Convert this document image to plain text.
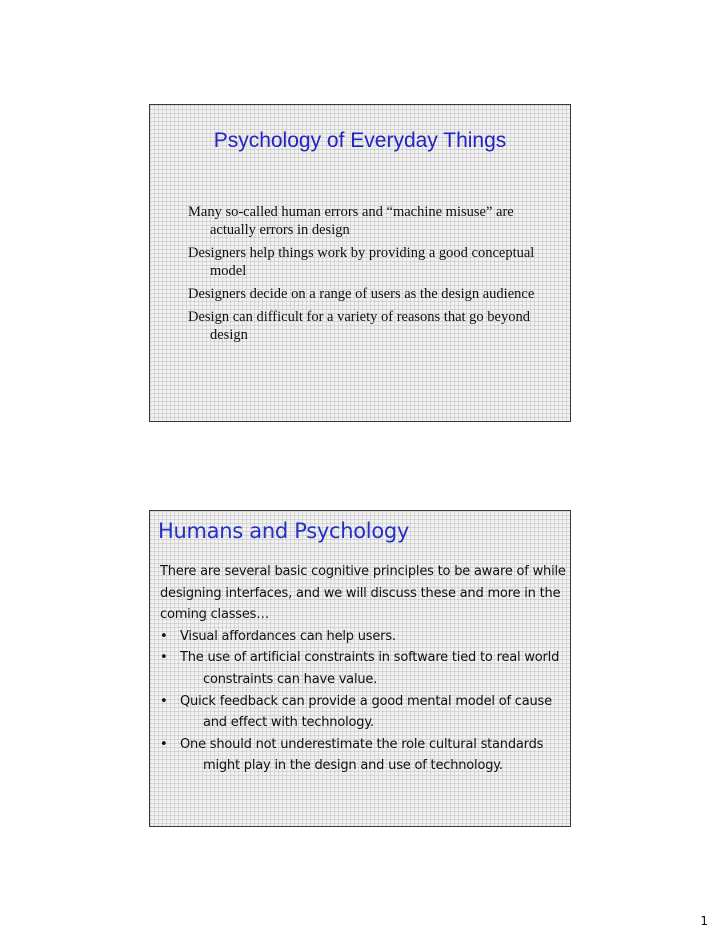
Psychology of Everyday Things
Many so-called human errors and “machine misuse” are actually errors in design
Designers help things work by providing a good conceptual model
Designers decide on a range of users as the design audience
Design can difficult for a variety of reasons that go beyond design
Humans and Psychology

There are several basic cognitive principles to be aware of while designing interfaces, and we will discuss these and more in the coming classes…

• Visual affordances can help users.
• The use of artificial constraints in software tied to real world constraints can have value.
• Quick feedback can provide a good mental model of cause and effect with technology.
• One should not underestimate the role cultural standards might play in the design and use of technology.
1
